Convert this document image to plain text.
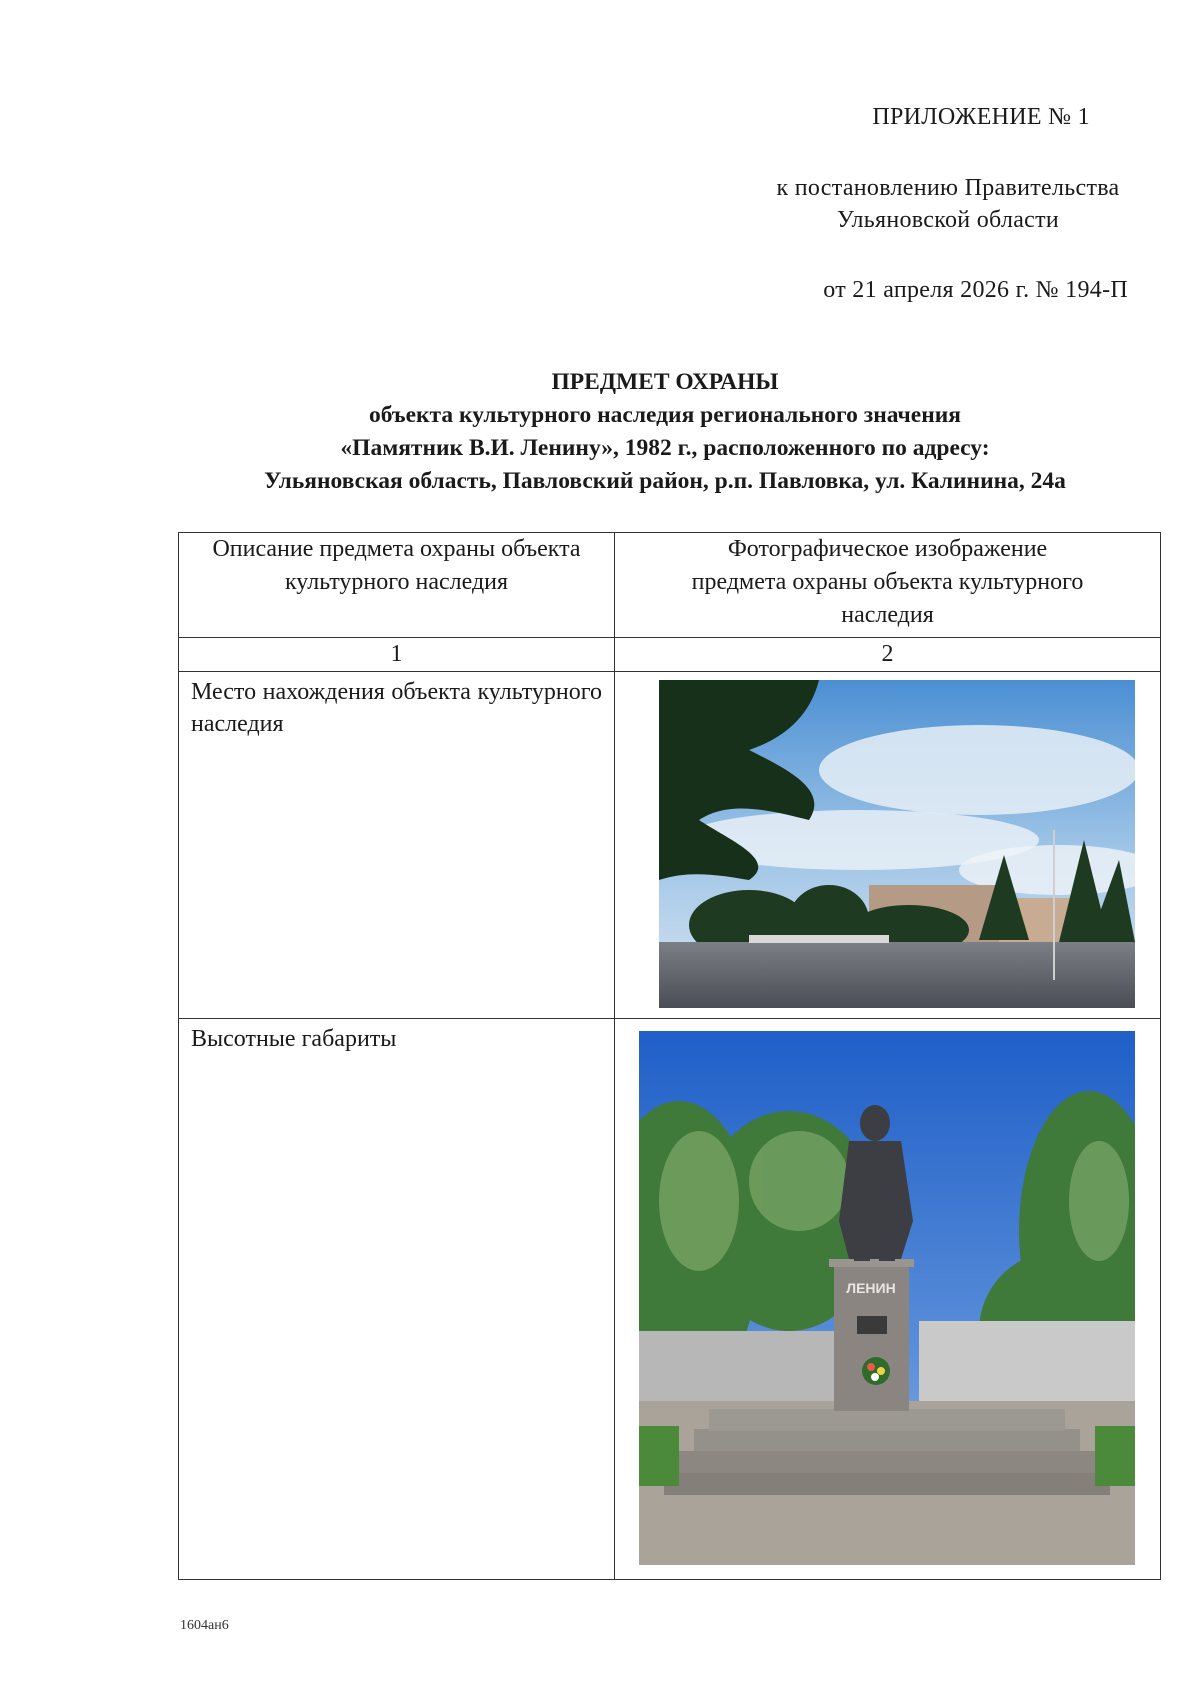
ПРИЛОЖЕНИЕ № 1
к постановлению Правительства
Ульяновской области
от 21 апреля 2026 г. № 194-П
ПРЕДМЕТ ОХРАНЫ
объекта культурного наследия регионального значения
«Памятник В.И. Ленину», 1982 г., расположенного по адресу:
Ульяновская область, Павловский район, р.п. Павловка, ул. Калинина, 24а
Описание предмета охраны объекта культурного наследия	Фотографическое изображение предмета охраны объекта культурного наследия

1	2

Место нахождения объекта культурного наследия

Высотные габариты	ЛЕНИН
1604ан6
